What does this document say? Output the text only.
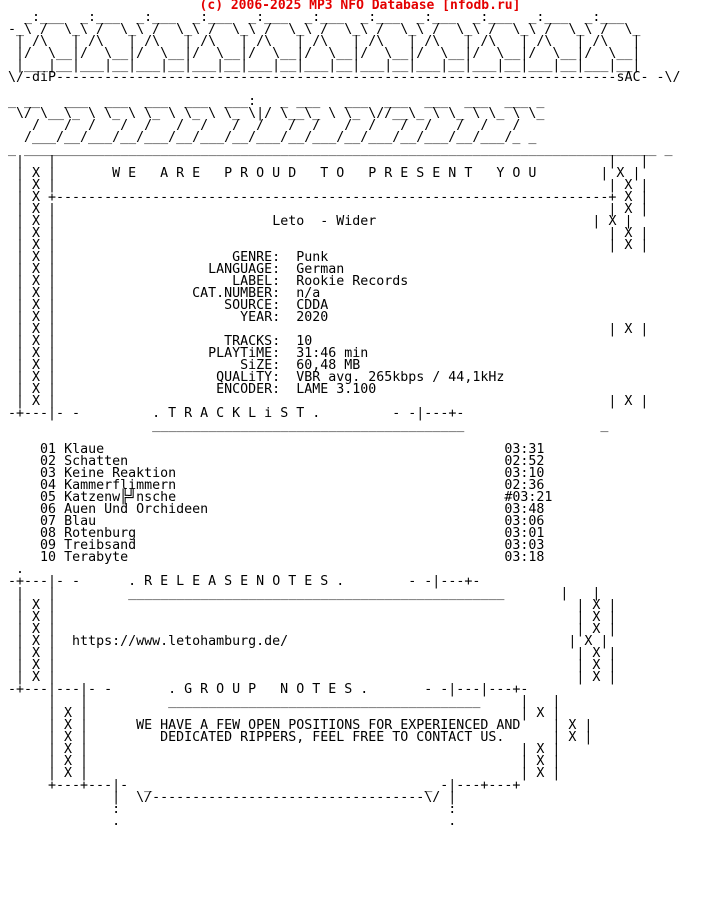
(c) 2006-2025 MP3 NFO Database [nfodb.ru]
_:___  _:___  _:___  _:___  _:___  _:___  _:___  _:___  _:___  _:___  _:___
-_\ /  \_\ /  \_\ /  \_\ /  \_\ /  \_\ /  \_\ /  \_\ /  \_\ /  \_\ /  \_\ /  \_
| /\   | /\   | /\   | /\   | /\   | /\   | /\   | /\   | /\   | /\   | /\   |
|/  \__|/  \__|/  \__|/  \__|/  \__|/  \__|/  \__|/  \__|/  \__|/  \__|/  \__|
|___|__|___|__|___|__|___|__|___|__|___|__|___|__|___|__|___|__|___|__|___|__|
\/-diP----------------------------------------------------------------------sAC- -\/

_ __   ___  ___  ___  ___  ___:   _ ___   ___  ___  ___  ___  ___ _
\/ \__\_ \ \_ \ \_ \ \_ \ \_ \|/ \__\_ \ \_ \//__\_ \ \_ \ \_ \ \_
/   /  /   /  /   /  /   /  /   /  /   /  /   /  /   /  /   /
/___/__/___/__/___/__/___/__/___/__/___/__/___/__/___/__/___/_ _
_ _______________________________________________________________________________ _
|   |                                                                     |   |
| X |	W E   A R E   P R O U D   T O   P R E S E N T   Y O U	| X |
| X |                                                                     | X |
| X +---------------------------------------------------------------------+ X |
| X |                                                                     | X |
| X |	Leto - Wider	| X |
| X |                                                                     | X |
| X |                                                                     | X |
| X |	GENRE: Punk
| X |	LANGUAGE: German
| X |	LABEL: Rookie Records
| X |	CAT.NUMBER: n/a
| X |	SOURCE: CDDA
| X |	YEAR: 2020
| X |                                                                     | X |
| X |	TRACKS: 10
| X |	PLAYTiME: 31:46 min
| X |	SiZE: 60,48 MB
| X |	QUALiTY: VBR avg. 265kbps / 44,1kHz
| X |	ENCODER: LAME 3.100
| X |                                                                     | X |
-+---|- -	. T R A C K L i S T .	- -|---+-
_______________________________________                 _

01 Klaue	03:31
02 Schatten	02:52
03 Keine Reaktion	03:10
04 Kammerflimmern	02:36
05 Katzenw╠╝nsche	#03:21
06 Auen Und Orchideen	03:48
07 Blau	03:06
08 Rotenburg	03:01
09 Treibsand	03:03
10 Terabyte	03:18
.
-+---|- -	. R E L E A S E N O T E S .	- -|---+-
|   |         _______________________________________________       |   |
| X |                                                                 | X |
| X |                                                                 | X |
| X |                                                                 | X |
| X |  https://www.letohamburg.de/	| X |
| X |                                                                 | X |
| X |                                                                 | X |
| X |                                                                 | X |
-+---|---|- -	. G R O U P   N O T E S .	- -|---|---+-
|   |          _______________________________________     |   |
| X |                                                      | X |
| X |	WE HAVE A FEW OPEN POSITIONS FOR EXPERIENCED AND    | X |
| X |	DEDICATED RIPPERS, FEEL FREE TO CONTACT US.	| X |
| X |                                                      | X |
| X |                                                      | X |
| X |                                                      | X |
+---+---|-  _                                  _ -|---+---+
|  \/----------------------------------\/ |
:                                         :
.                                         .
